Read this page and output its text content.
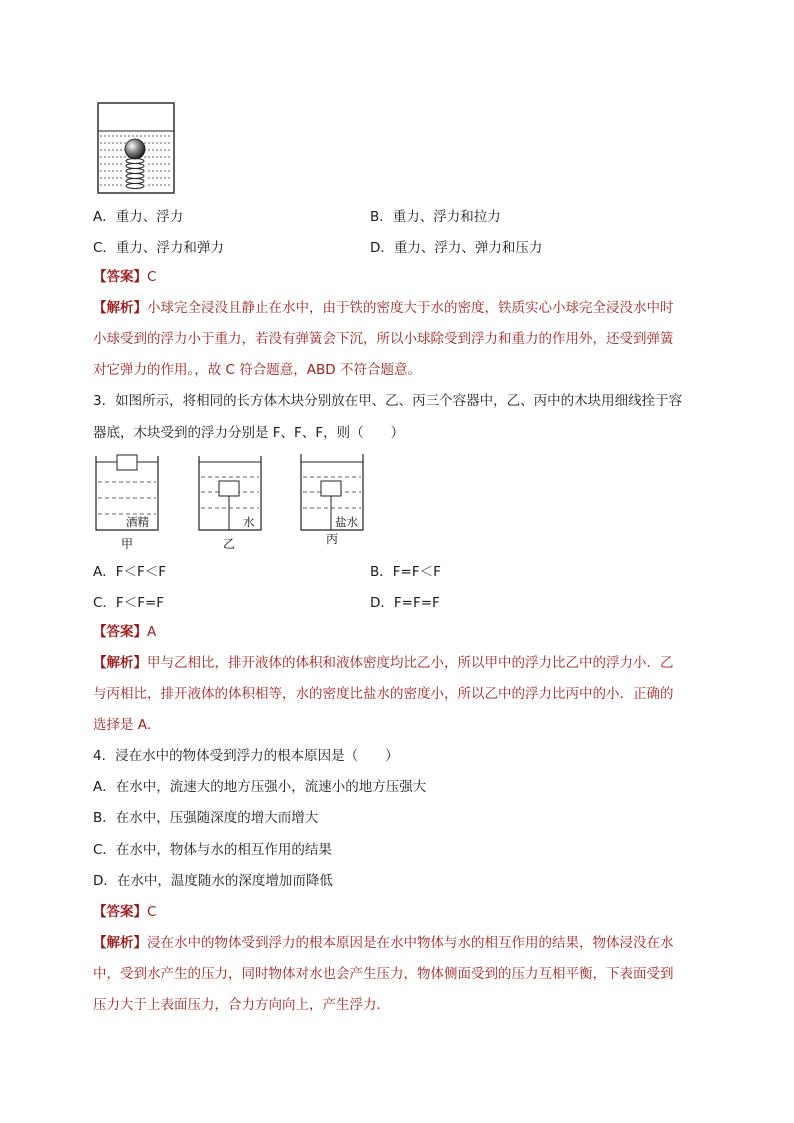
A．重力、浮力	B．重力、浮力和拉力
C．重力、浮力和弹力	D．重力、浮力、弹力和压力
【答案】C
【解析】小球完全浸没且静止在水中，由于铁的密度大于水的密度，铁质实心小球完全浸没水中时
小球受到的浮力小于重力，若没有弹簧会下沉，所以小球除受到浮力和重力的作用外，还受到弹簧
对它弹力的作用。，故 C 符合题意，ABD 不符合题意。
3．如图所示，将相同的长方体木块分别放在甲、乙、丙三个容器中，乙、丙中的木块用细线拴于容
器底，木块受到的浮力分别是 F、F、F，则（　　）
酒精
甲
水
乙
盐水
丙
A．F＜F＜F	B．F=F＜F
C．F＜F=F	D．F=F=F
【答案】A
【解析】甲与乙相比，排开液体的体积和液体密度均比乙小，所以甲中的浮力比乙中的浮力小．乙
与丙相比，排开液体的体积相等，水的密度比盐水的密度小，所以乙中的浮力比丙中的小．正确的
选择是 A．
4．浸在水中的物体受到浮力的根本原因是（　　）
A．在水中，流速大的地方压强小，流速小的地方压强大
B．在水中，压强随深度的增大而增大
C．在水中，物体与水的相互作用的结果
D．在水中，温度随水的深度增加而降低
【答案】C
【解析】浸在水中的物体受到浮力的根本原因是在水中物体与水的相互作用的结果，物体浸没在水
中，受到水产生的压力，同时物体对水也会产生压力，物体侧面受到的压力互相平衡，下表面受到
压力大于上表面压力，合力方向向上，产生浮力．
